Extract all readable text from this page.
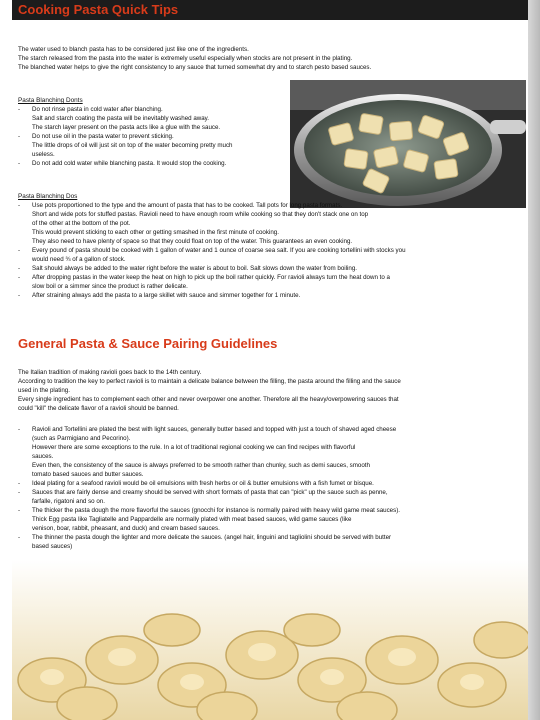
Cooking Pasta Quick Tips
The water used to blanch pasta has to be considered just like one of the ingredients.
The starch released from the pasta into the water is extremely useful especially when stocks are not present in the plating.
The blanched water helps to give the right consistency to any sauce that turned somewhat dry and to starch pesto based sauces.
Pasta Blanching Donts
- Do not rinse pasta in cold water after blanching.
Salt and starch coating the pasta will be inevitably washed away.
The starch layer present on the pasta acts like a glue with the sauce.
- Do not use oil in the pasta water to prevent sticking.
The little drops of oil will just sit on top of the water becoming pretty much
useless.
- Do not add cold water while blanching pasta. It would stop the cooking.
Pasta Blanching Dos
- Use pots proportioned to the type and the amount of pasta that has to be cooked. Tall pots for long pasta formats.
Short and wide pots for stuffed pastas. Ravioli need to have enough room while cooking so that they don't stack one on top
of the other at the bottom of the pot.
This would prevent sticking to each other or getting smashed in the first minute of cooking.
They also need to have plenty of space so that they could float on top of the water. This guarantees an even cooking.
- Every pound of pasta should be cooked with 1 gallon of water and 1 ounce of coarse sea salt. If you are cooking tortellini with stocks you
would need ¾ of a gallon of stock.
- Salt should always be added to the water right before the water is about to boil. Salt slows down the water from boiling.
- After dropping pastas in the water keep the heat on high to pick up the boil rather quickly. For ravioli always turn the heat down to a
slow boil or a simmer since the product is rather delicate.
- After straining always add the pasta to a large skillet with sauce and simmer together for 1 minute.
General Pasta & Sauce Pairing Guidelines
The Italian tradition of making ravioli goes back to the 14th century.
According to tradition the key to perfect ravioli is to maintain a delicate balance between the filling, the pasta around the filling and the sauce
used in the plating.
Every single ingredient has to complement each other and never overpower one another. Therefore all the heavy/overpowering sauces that
could "kill" the delicate flavor of a ravioli should be banned.
- Ravioli and Tortellini are plated the best with light sauces, generally butter based and topped with just a touch of shaved aged cheese
(such as Parmigiano and Pecorino).
However there are some exceptions to the rule. In a lot of traditional regional cooking we can find recipes with flavorful
sauces.
Even then, the consistency of the sauce is always preferred to be smooth rather than chunky, such as demi sauces, smooth
tomato based sauces and butter sauces.
- Ideal plating for a seafood ravioli would be oil emulsions with fresh herbs or oil & butter emulsions with a fish fumet or bisque.
- Sauces that are fairly dense and creamy should be served with short formats of pasta that can "pick" up the sauce such as penne,
farfalle, rigatoni and so on.
- The thicker the pasta dough the more flavorful the sauces (gnocchi for instance is normally paired with heavy wild game meat sauces).
Thick Egg pasta like Tagliatelle and Pappardelle are normally plated with meat based sauces, wild game sauces (like
venison, boar, rabbit, pheasant, and duck) and cream based sauces.
- The thinner the pasta dough the lighter and more delicate the sauces. (angel hair, linguini and tagliolini should be served with butter
based sauces)
